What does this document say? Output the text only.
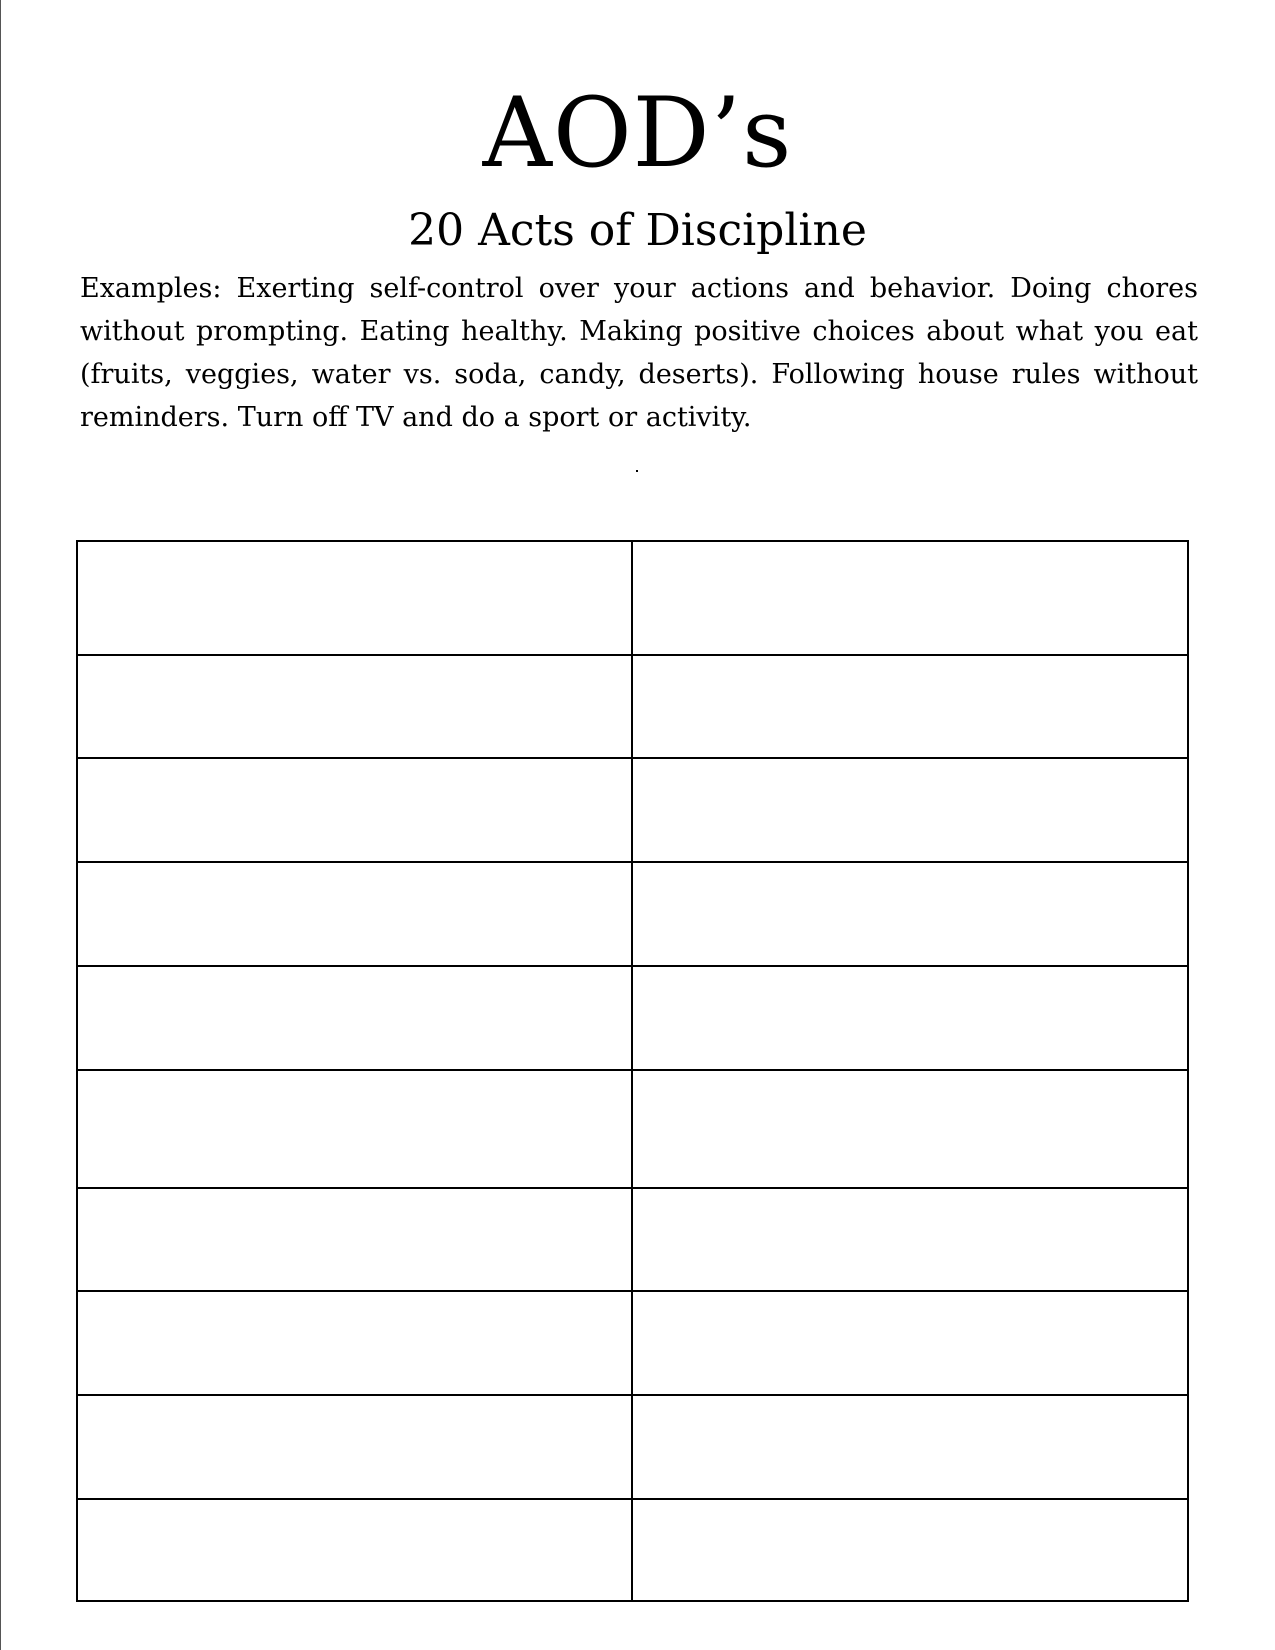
AOD’s
20 Acts of Discipline

Examples: Exerting self-control over your actions and behavior. Doing chores without prompting. Eating healthy. Making positive choices about what you eat (fruits, veggies, water vs. soda, candy, deserts). Following house rules without reminders. Turn off TV and do a sport or activity.
